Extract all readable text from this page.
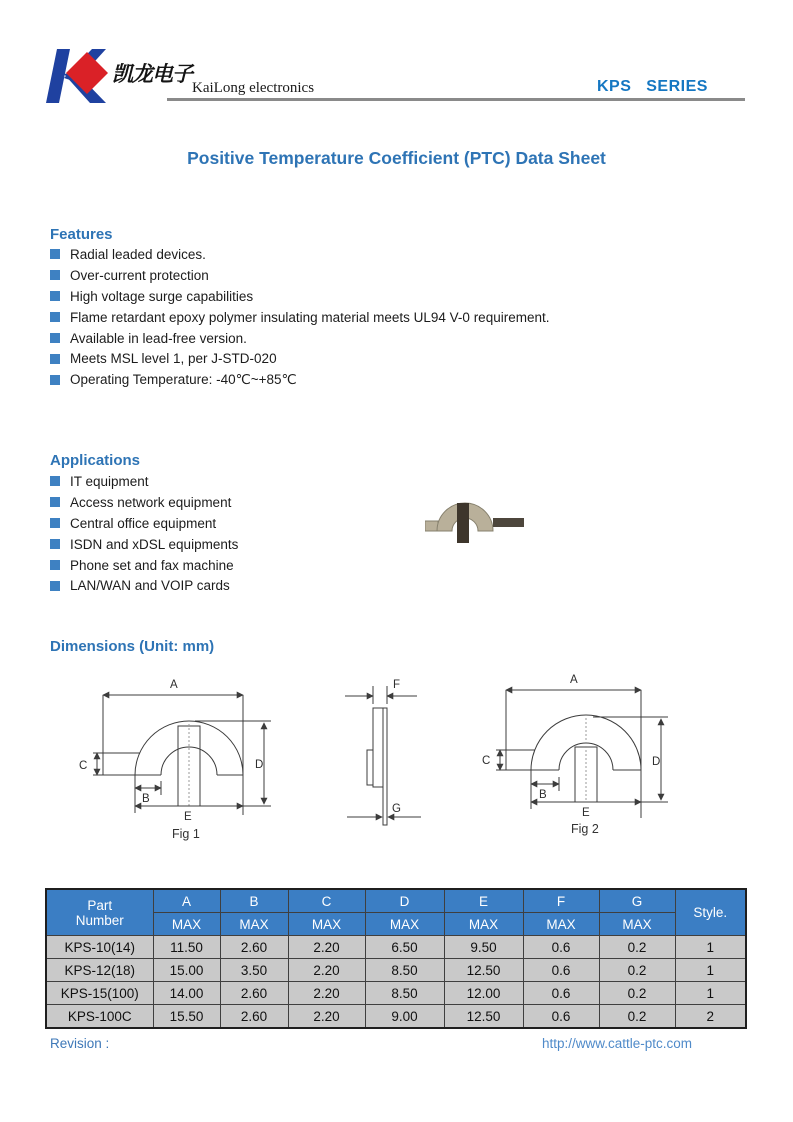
凯龙电子
KaiLong electronics	KPS   SERIES
Positive Temperature Coefficient (PTC) Data Sheet
Features
Radial leaded devices.
Over-current protection
High voltage surge capabilities
Flame retardant epoxy polymer insulating material meets UL94 V-0 requirement.
Available in lead-free version.
Meets MSL level 1, per J-STD-020
Operating Temperature: -40℃~+85℃
Applications
IT equipment
Access network equipment
Central office equipment
ISDN and xDSL equipments
Phone set and fax machine
LAN/WAN and VOIP cards
Dimensions (Unit: mm)
A
C
B
E
D
Fig 1
F
G
A
C
B
E
D
Fig 2
Part
Number	A	B	C	D	E	F	G	Style.
	MAX	MAX	MAX	MAX	MAX	MAX	MAX	
KPS-10(14)	11.50	2.60	2.20	6.50	9.50	0.6	0.2	1
KPS-12(18)	15.00	3.50	2.20	8.50	12.50	0.6	0.2	1
KPS-15(100)	14.00	2.60	2.20	8.50	12.00	0.6	0.2	1
KPS-100C	15.50	2.60	2.20	9.00	12.50	0.6	0.2	2
Revision :	http://www.cattle-ptc.com
